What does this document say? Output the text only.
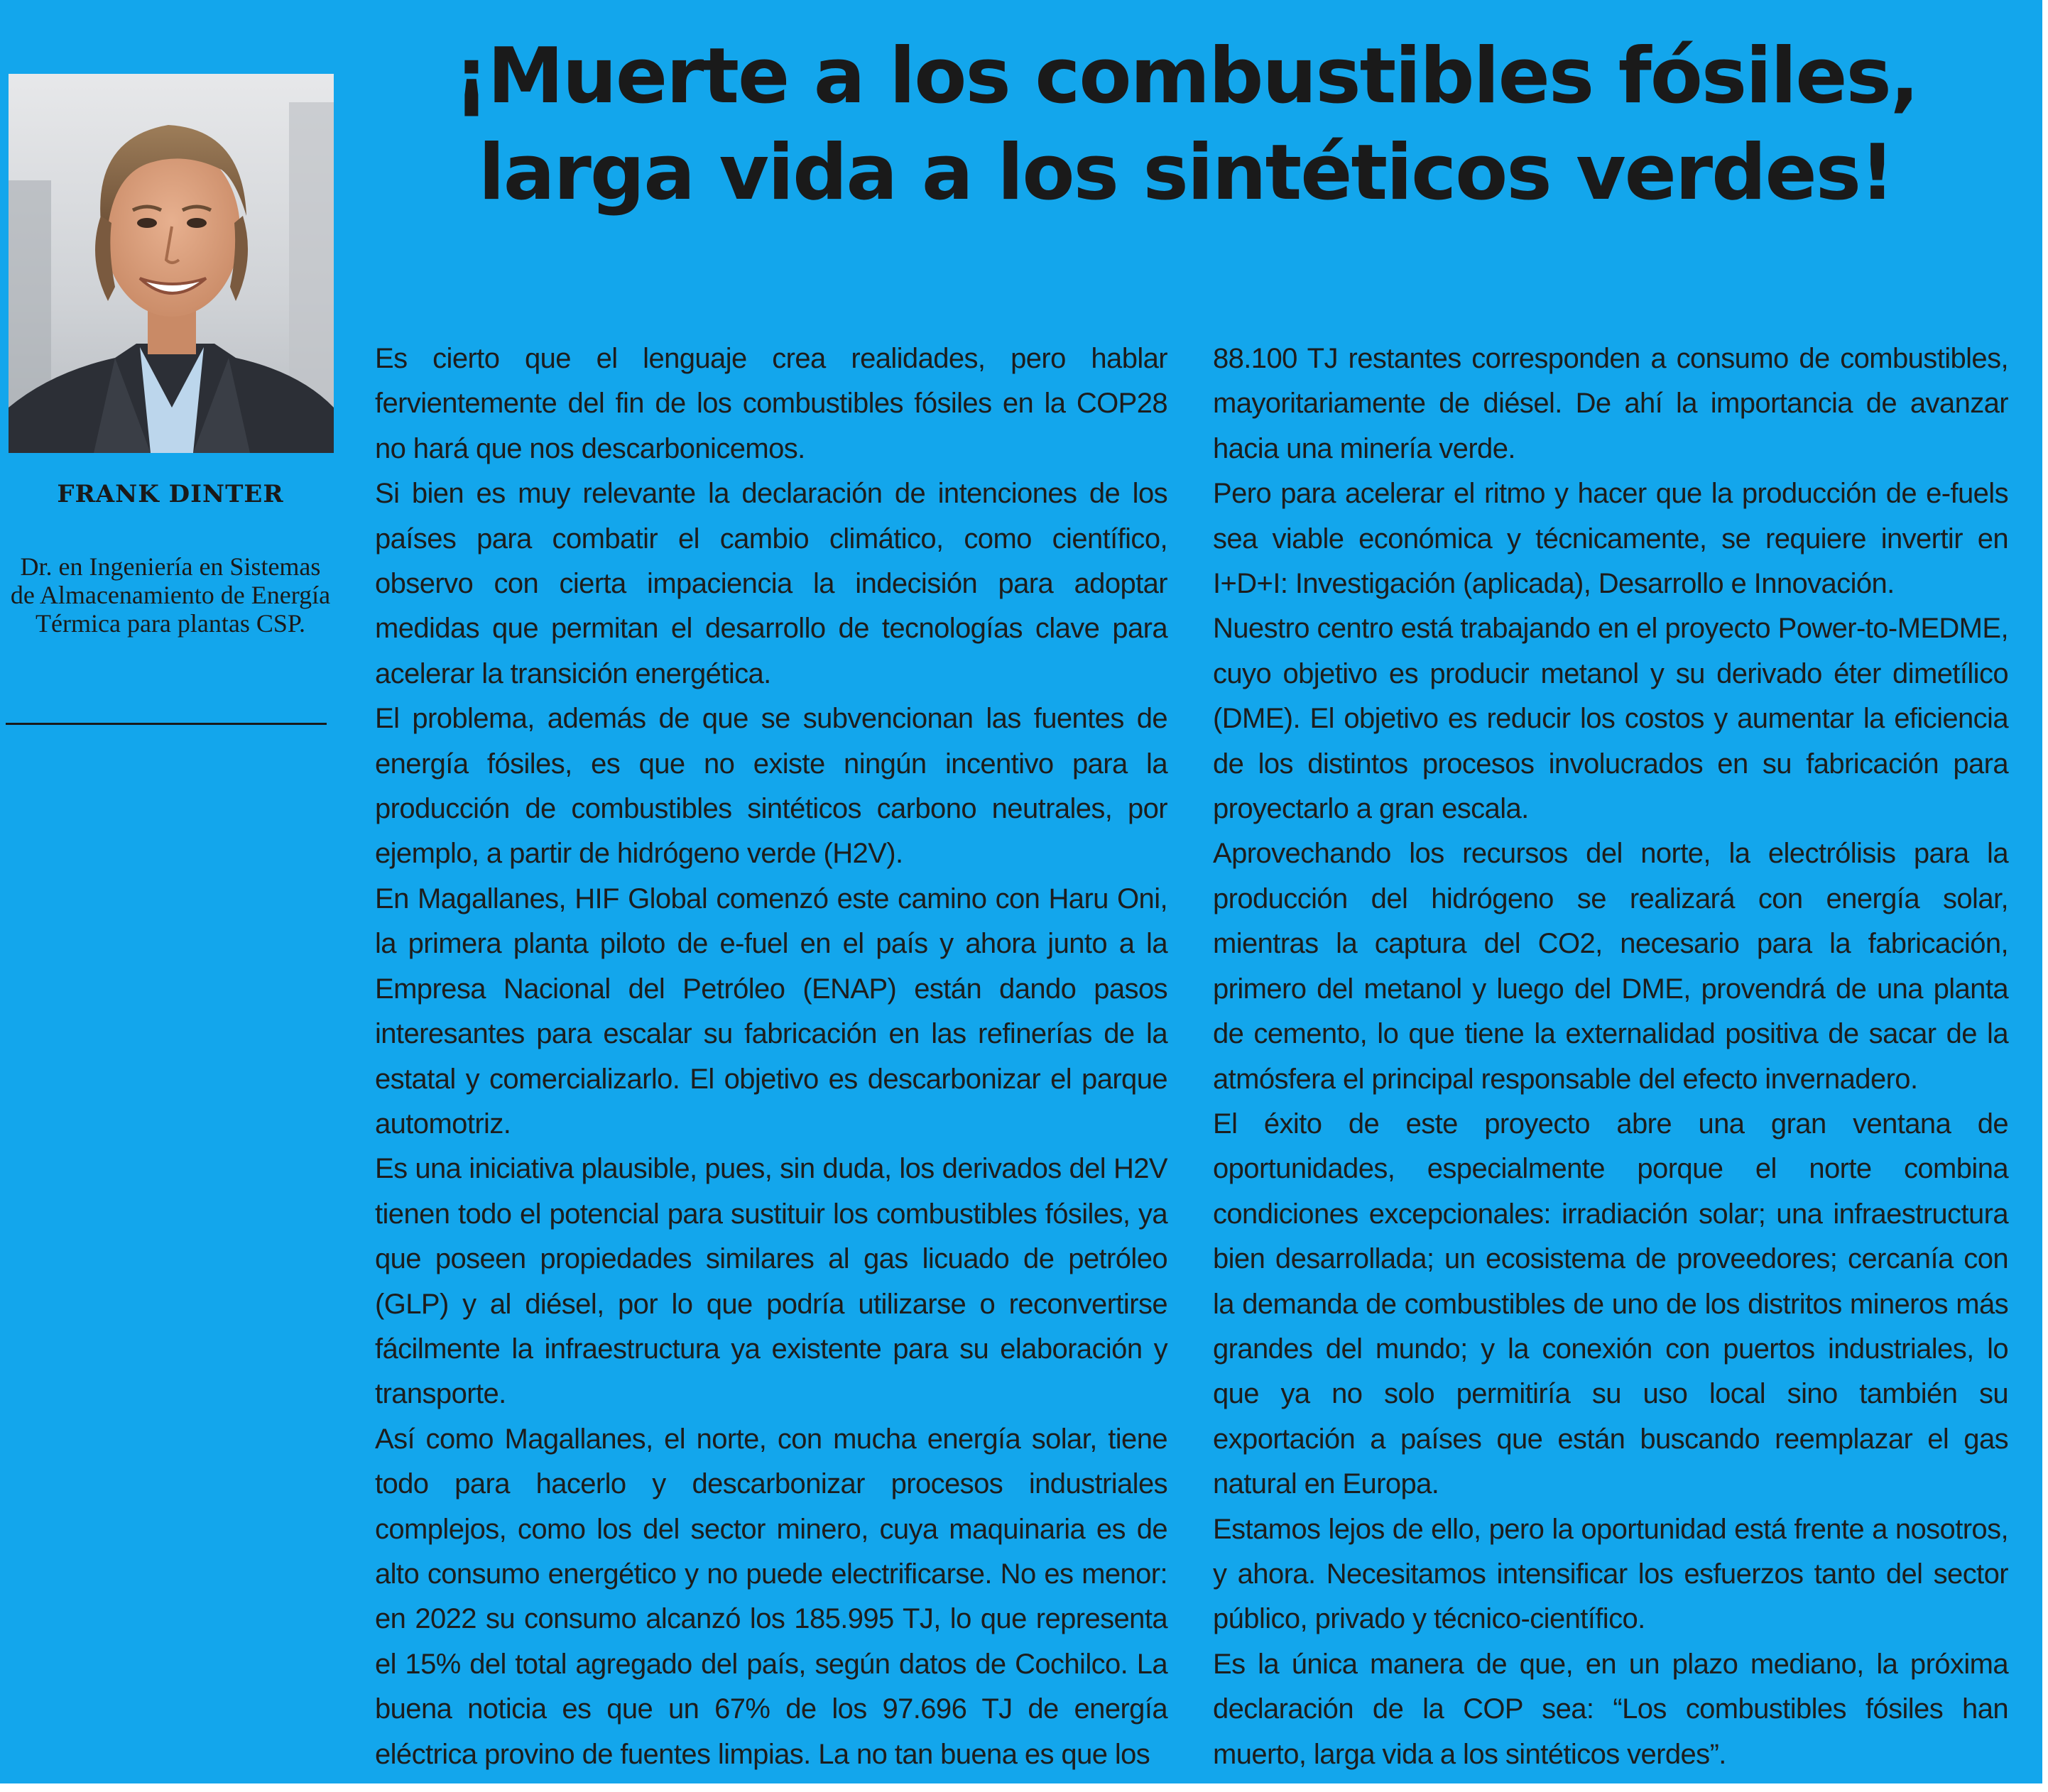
FRANK DINTER

Dr. en Ingeniería en Sistemas de Almacenamiento de Energía Térmica para plantas CSP.

¡Muerte a los combustibles fósiles,
larga vida a los sintéticos verdes!

Es cierto que el lenguaje crea realidades, pero hablar fervientemente del fin de los combustibles fósiles en la COP28 no hará que nos descarbonicemos.

Si bien es muy relevante la declaración de intenciones de los países para combatir el cambio climático, como científico, observo con cierta impaciencia la indecisión para adoptar medidas que permitan el desarrollo de tecnologías clave para acelerar la transición energética.

El problema, además de que se subvencionan las fuentes de energía fósiles, es que no existe ningún incentivo para la producción de combustibles sintéticos carbono neutrales, por ejemplo, a partir de hidrógeno verde (H2V).

En Magallanes, HIF Global comenzó este camino con Haru Oni, la primera planta piloto de e-fuel en el país y ahora junto a la Empresa Nacional del Petróleo (ENAP) están dando pasos interesantes para escalar su fabricación en las refinerías de la estatal y comercializarlo. El objetivo es descarbonizar el parque automotriz.

Es una iniciativa plausible, pues, sin duda, los derivados del H2V tienen todo el potencial para sustituir los combustibles fósiles, ya que poseen propiedades similares al gas licuado de petróleo (GLP) y al diésel, por lo que podría utilizarse o reconvertirse fácilmente la infraestructura ya existente para su elaboración y transporte.

Así como Magallanes, el norte, con mucha energía solar, tiene todo para hacerlo y descarbonizar procesos industriales complejos, como los del sector minero, cuya maquinaria es de alto consumo energético y no puede electrificarse. No es menor: en 2022 su consumo alcanzó los 185.995 TJ, lo que representa el 15% del total agregado del país, según datos de Cochilco. La buena noticia es que un 67% de los 97.696 TJ de energía eléctrica provino de fuentes limpias. La no tan buena es que los

88.100 TJ restantes corresponden a consumo de combustibles, mayoritariamente de diésel. De ahí la importancia de avanzar hacia una minería verde.

Pero para acelerar el ritmo y hacer que la producción de e-fuels sea viable económica y técnicamente, se requiere invertir en I+D+I: Investigación (aplicada), Desarrollo e Innovación.

Nuestro centro está trabajando en el proyecto Power-to-MEDME, cuyo objetivo es producir metanol y su derivado éter dimetílico (DME). El objetivo es reducir los costos y aumentar la eficiencia de los distintos procesos involucrados en su fabricación para proyectarlo a gran escala.

Aprovechando los recursos del norte, la electrólisis para la producción del hidrógeno se realizará con energía solar, mientras la captura del CO2, necesario para la fabricación, primero del metanol y luego del DME, provendrá de una planta de cemento, lo que tiene la externalidad positiva de sacar de la atmósfera el principal responsable del efecto invernadero.

El éxito de este proyecto abre una gran ventana de oportunidades, especialmente porque el norte combina condiciones excepcionales: irradiación solar; una infraestructura bien desarrollada; un ecosistema de proveedores; cercanía con la demanda de combustibles de uno de los distritos mineros más grandes del mundo; y la conexión con puertos industriales, lo que ya no solo permitiría su uso local sino también su exportación a países que están buscando reemplazar el gas natural en Europa.

Estamos lejos de ello, pero la oportunidad está frente a nosotros, y ahora. Necesitamos intensificar los esfuerzos tanto del sector público, privado y técnico-científico.

Es la única manera de que, en un plazo mediano, la próxima declaración de la COP sea: “Los combustibles fósiles han muerto, larga vida a los sintéticos verdes”.
